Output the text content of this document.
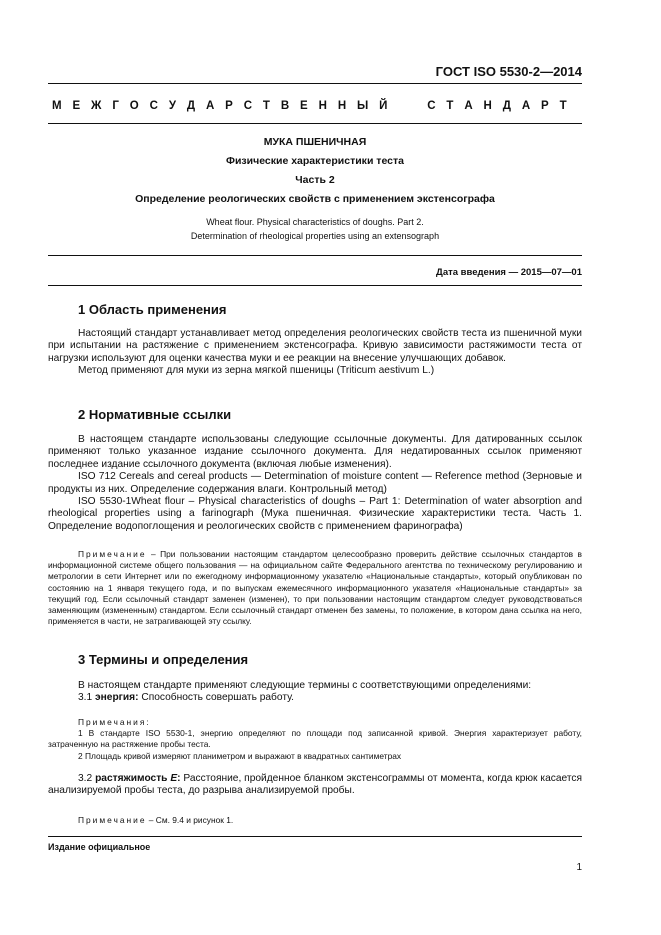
ГОСТ ISO 5530-2—2014
М Е Ж Г О С У Д А Р С Т В Е Н Н Ы Й	С Т А Н Д А Р Т
МУКА ПШЕНИЧНАЯ
Физические характеристики теста
Часть 2
Определение реологических свойств с применением экстенсографа
Wheat flour. Physical characteristics of doughs. Part 2.
Determination of rheological properties using an extensograph
Дата введения — 2015—07—01
1 Область применения

Настоящий стандарт устанавливает метод определения реологических свойств теста из пшеничной муки при испытании на растяжение с применением экстенсографа. Кривую зависимости растяжимости теста от нагрузки используют для оценки качества муки и ее реакции на внесение улучшающих добавок.

Метод применяют для муки из зерна мягкой пшеницы (Triticum aestivum L.)

2 Нормативные ссылки

В настоящем стандарте использованы следующие ссылочные документы. Для датированных ссылок применяют только указанное издание ссылочного документа. Для недатированных ссылок применяют последнее издание ссылочного документа (включая любые изменения).

ISO 712 Cereals and cereal products — Determination of moisture content — Reference method (Зерновые и продукты из них. Определение содержания влаги. Контрольный метод)

ISO 5530-1Wheat flour – Physical characteristics of doughs – Part 1: Determination of water absorption and rheological properties using a farinograph (Мука пшеничная. Физические характеристики теста. Часть 1. Определение водопоглощения и реологических свойств с применением фаринографа)

Примечание – При пользовании настоящим стандартом целесообразно проверить действие ссылочных стандартов в информационной системе общего пользования — на официальном сайте Федерального агентства по техническому регулированию и метрологии в сети Интернет или по ежегодному информационному указателю «Национальные стандарты», который опубликован по состоянию на 1 января текущего года, и по выпускам ежемесячного информационного указателя «Национальные стандарты» за текущий год. Если ссылочный стандарт заменен (изменен), то при пользовании настоящим стандартом следует руководствоваться заменяющим (измененным) стандартом. Если ссылочный стандарт отменен без замены, то положение, в котором дана ссылка на него, применяется в части, не затрагивающей эту ссылку.

3 Термины и определения

В настоящем стандарте применяют следующие термины с соответствующими определениями:

3.1 энергия: Способность совершать работу.

Примечания:

1 В стандарте ISO 5530-1, энергию определяют по площади под записанной кривой. Энергия характеризует работу, затраченную на растяжение пробы теста.

2 Площадь кривой измеряют планиметром и выражают в квадратных сантиметрах

3.2 растяжимость E: Расстояние, пройденное бланком экстенсограммы от момента, когда крюк касается анализируемой пробы теста, до разрыва анализируемой пробы.

Примечание – См. 9.4 и рисунок 1.

Издание официальное
1
